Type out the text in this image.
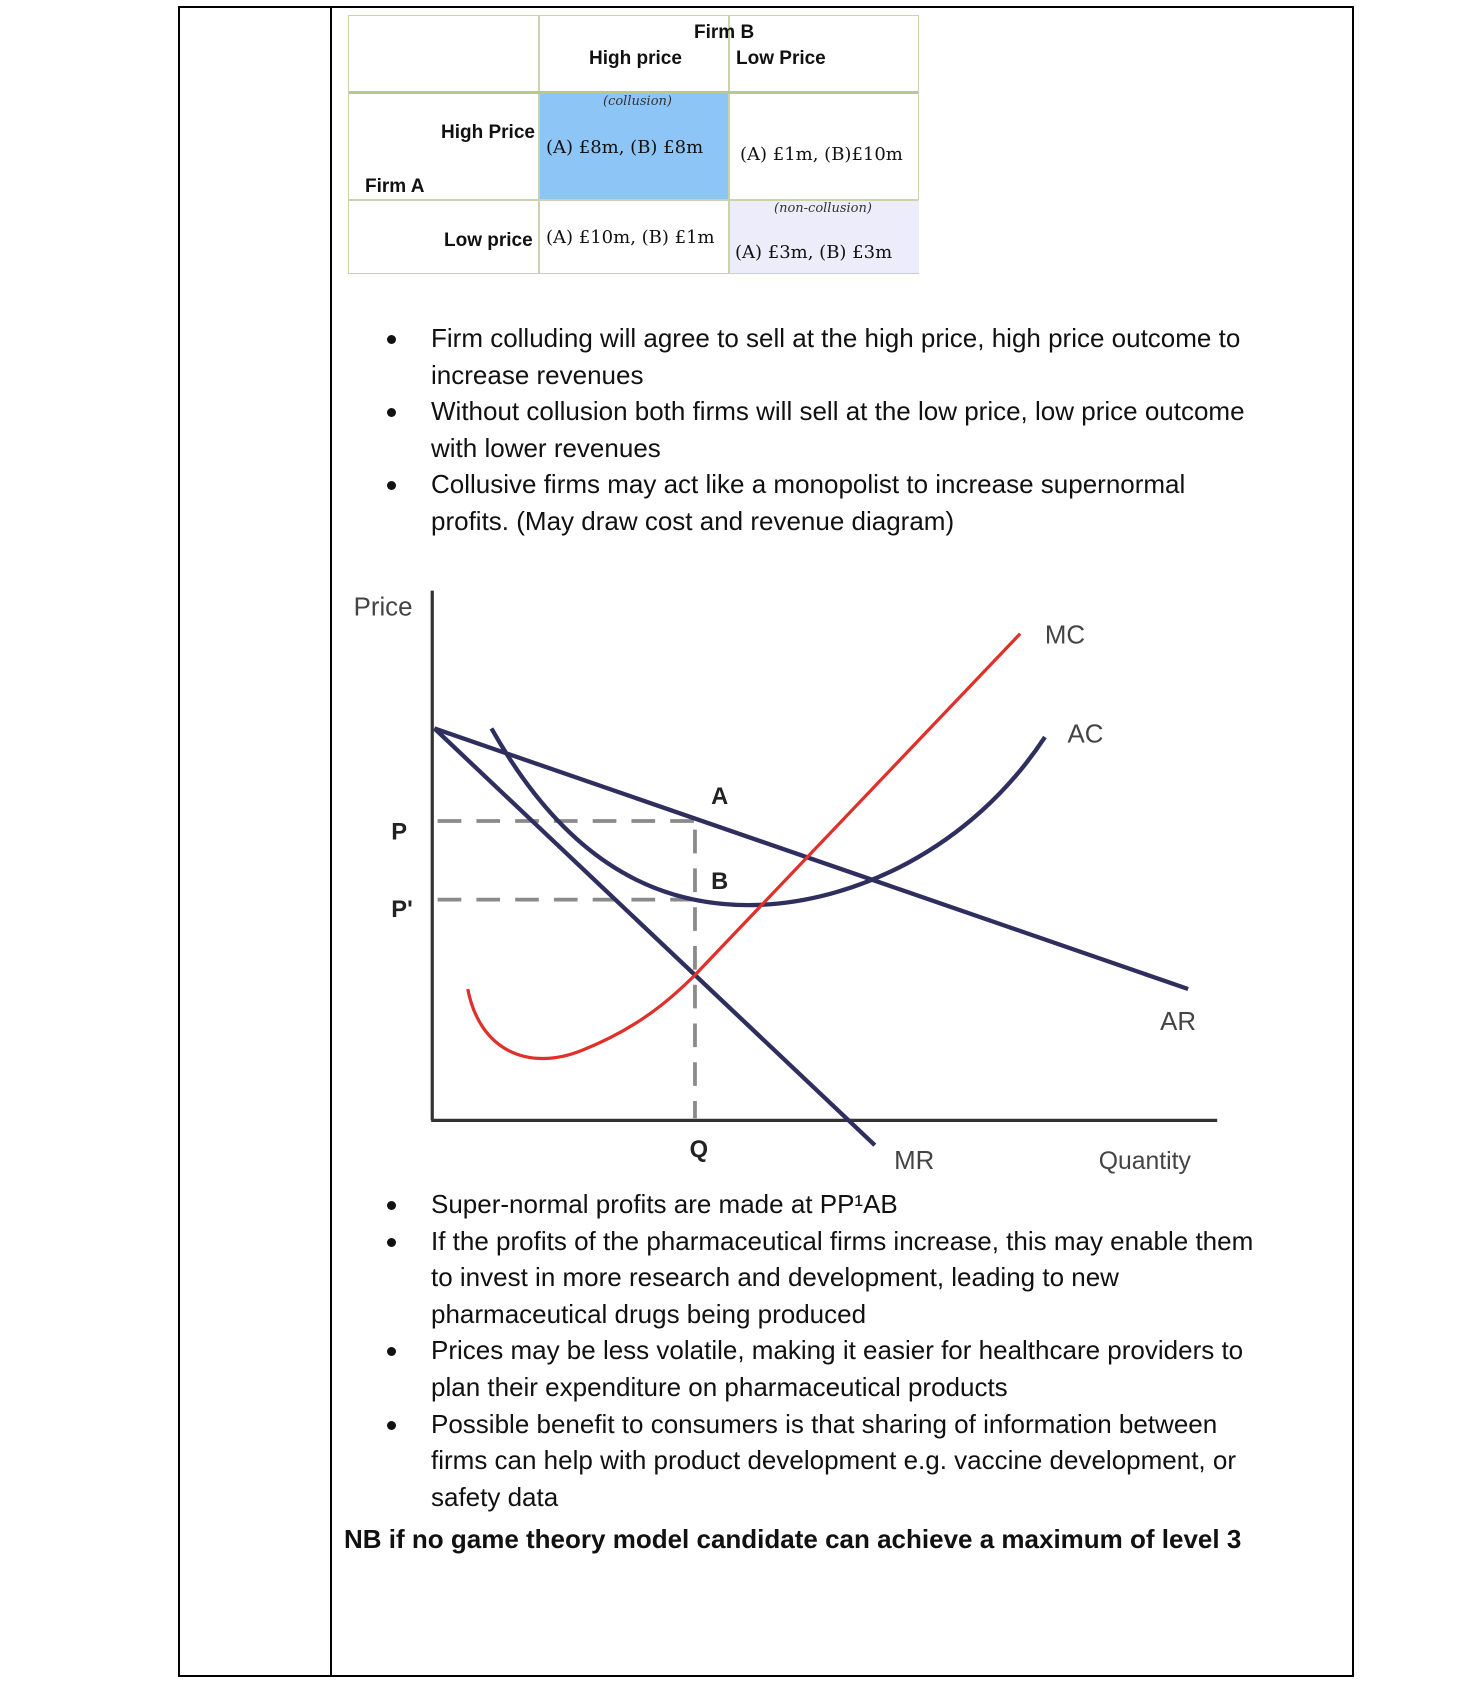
Firm B
High price	Low Price
High Price
Firm A
Low price
(collusion)
(A) £8m, (B) £8m (A) £1m, (B)£10m
(A) £10m, (B) £1m
(non-collusion)
(A) £3m, (B) £3m
Firm colluding will agree to sell at the high price, high price outcome to
increase revenues
Without collusion both firms will sell at the low price, low price outcome
with lower revenues
Collusive firms may act like a monopolist to increase supernormal
profits. (May draw cost and revenue diagram)
Price
Quantity
MC
AC
AR
MR
A
B
P
P'
Q
Super-normal profits are made at PP¹AB
If the profits of the pharmaceutical firms increase, this may enable them
to invest in more research and development, leading to new
pharmaceutical drugs being produced
Prices may be less volatile, making it easier for healthcare providers to
plan their expenditure on pharmaceutical products
Possible benefit to consumers is that sharing of information between
firms can help with product development e.g. vaccine development, or
safety data
NB if no game theory model candidate can achieve a maximum of level 3
